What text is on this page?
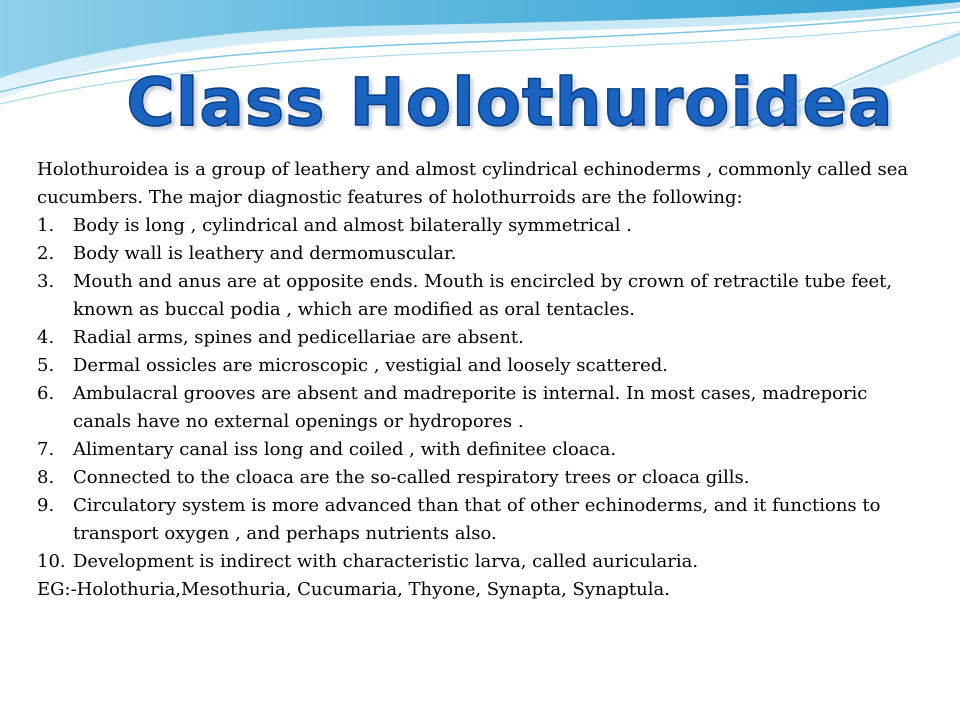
Class Holothuroidea

Holothuroidea is a group of leathery and almost cylindrical echinoderms , commonly called sea cucumbers. The major diagnostic features of holothurroids are the following:

1. Body is long , cylindrical and almost bilaterally symmetrical .
2. Body wall is leathery and dermomuscular.
3. Mouth and anus are at opposite ends. Mouth is encircled by crown of retractile tube feet, known as buccal podia , which are modified as oral tentacles.
4. Radial arms, spines and pedicellariae are absent.
5. Dermal ossicles are microscopic , vestigial and loosely scattered.
6. Ambulacral grooves are absent and madreporite is internal. In most cases, madreporic canals have no external openings or hydropores .
7. Alimentary canal iss long and coiled , with definitee cloaca.
8. Connected to the cloaca are the so-called respiratory trees or cloaca gills.
9. Circulatory system is more advanced than that of other echinoderms, and it functions to transport oxygen , and perhaps nutrients also.
10. Development is indirect with characteristic larva, called auricularia.

EG:-Holothuria,Mesothuria, Cucumaria, Thyone, Synapta, Synaptula.
